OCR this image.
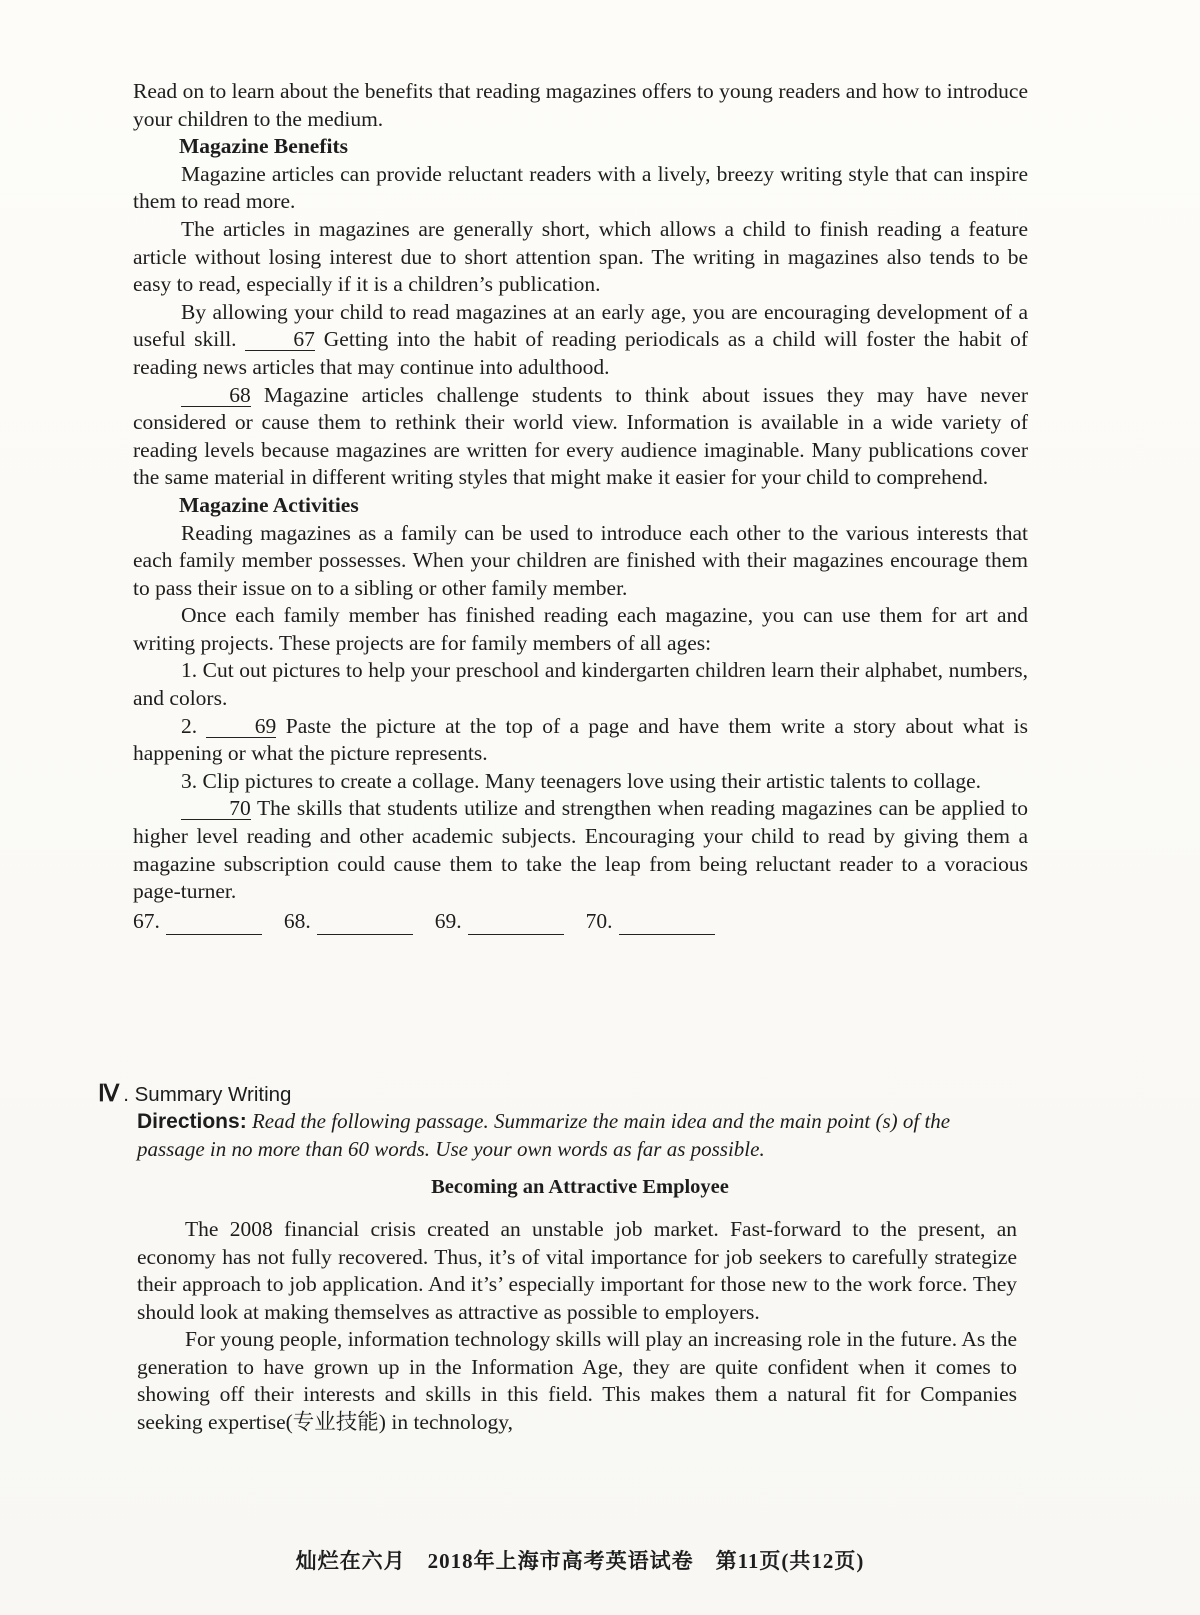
Read on to learn about the benefits that reading magazines offers to young readers and how to introduce your children to the medium.

Magazine Benefits

Magazine articles can provide reluctant readers with a lively, breezy writing style that can inspire them to read more.

The articles in magazines are generally short, which allows a child to finish reading a feature article without losing interest due to short attention span. The writing in magazines also tends to be easy to read, especially if it is a children’s publication.

By allowing your child to read magazines at an early age, you are encouraging development of a useful skill.	67 Getting into the habit of reading periodicals as a child will foster the habit of reading news articles that may continue into adulthood.

68 Magazine articles challenge students to think about issues they may have never considered or cause them to rethink their world view. Information is available in a wide variety of reading levels because magazines are written for every audience imaginable. Many publications cover the same material in different writing styles that might make it easier for your child to comprehend.

Magazine Activities

Reading magazines as a family can be used to introduce each other to the various interests that each family member possesses. When your children are finished with their magazines encourage them to pass their issue on to a sibling or other family member.

Once each family member has finished reading each magazine, you can use them for art and writing projects. These projects are for family members of all ages:

1. Cut out pictures to help your preschool and kindergarten children learn their alphabet, numbers, and colors.

2.	69 Paste the picture at the top of a page and have them write a story about what is happening or what the picture represents.

3. Clip pictures to create a collage. Many teenagers love using their artistic talents to collage.

70 The skills that students utilize and strengthen when reading magazines can be applied to higher level reading and other academic subjects. Encouraging your child to read by giving them a magazine subscription could cause them to take the leap from being reluctant reader to a voracious page-turner.

67.	68.	69.	70.
Ⅳ . Summary Writing
Directions: Read the following passage. Summarize the main idea and the main point (s) of the passage in no more than 60 words. Use your own words as far as possible.
Becoming an Attractive Employee

The 2008 financial crisis created an unstable job market. Fast-forward to the present, an economy has not fully recovered. Thus, it’s of vital importance for job seekers to carefully strategize their approach to job application. And it’s’ especially important for those new to the work force. They should look at making themselves as attractive as possible to employers.

For young people, information technology skills will play an increasing role in the future. As the generation to have grown up in the Information Age, they are quite confident when it comes to showing off their interests and skills in this field. This makes them a natural fit for Companies seeking expertise(专业技能) in technology,

灿烂在六月　2018年上海市高考英语试卷　第11页(共12页)
